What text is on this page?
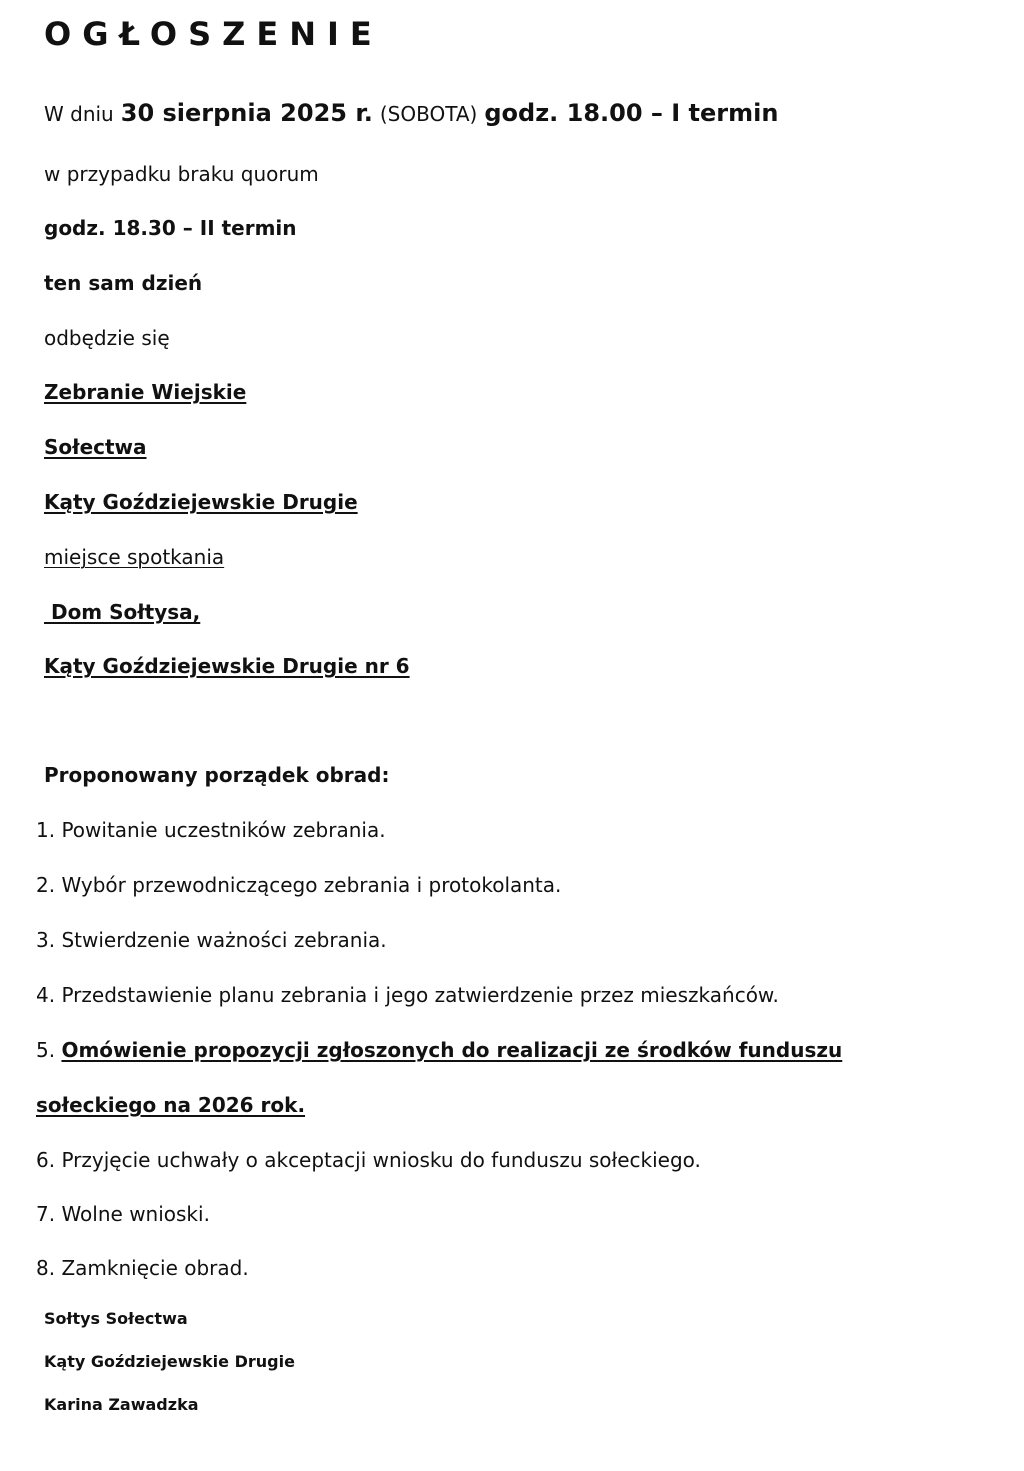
OGŁOSZENIE
W dniu 30 sierpnia 2025 r. (SOBOTA) godz. 18.00 – I termin
w przypadku braku quorum
godz. 18.30 – II termin
ten sam dzień
odbędzie się
Zebranie Wiejskie
Sołectwa
Kąty Goździejewskie Drugie
miejsce spotkania
Dom Sołtysa,
Kąty Goździejewskie Drugie nr 6
Proponowany porządek obrad:
1. Powitanie uczestników zebrania.
2. Wybór przewodniczącego zebrania i protokolanta.
3. Stwierdzenie ważności zebrania.
4. Przedstawienie planu zebrania i jego zatwierdzenie przez mieszkańców.
5. Omówienie propozycji zgłoszonych do realizacji ze środków funduszu
sołeckiego na 2026 rok.
6. Przyjęcie uchwały o akceptacji wniosku do funduszu sołeckiego.
7. Wolne wnioski.
8. Zamknięcie obrad.
Sołtys Sołectwa
Kąty Goździejewskie Drugie
Karina Zawadzka
